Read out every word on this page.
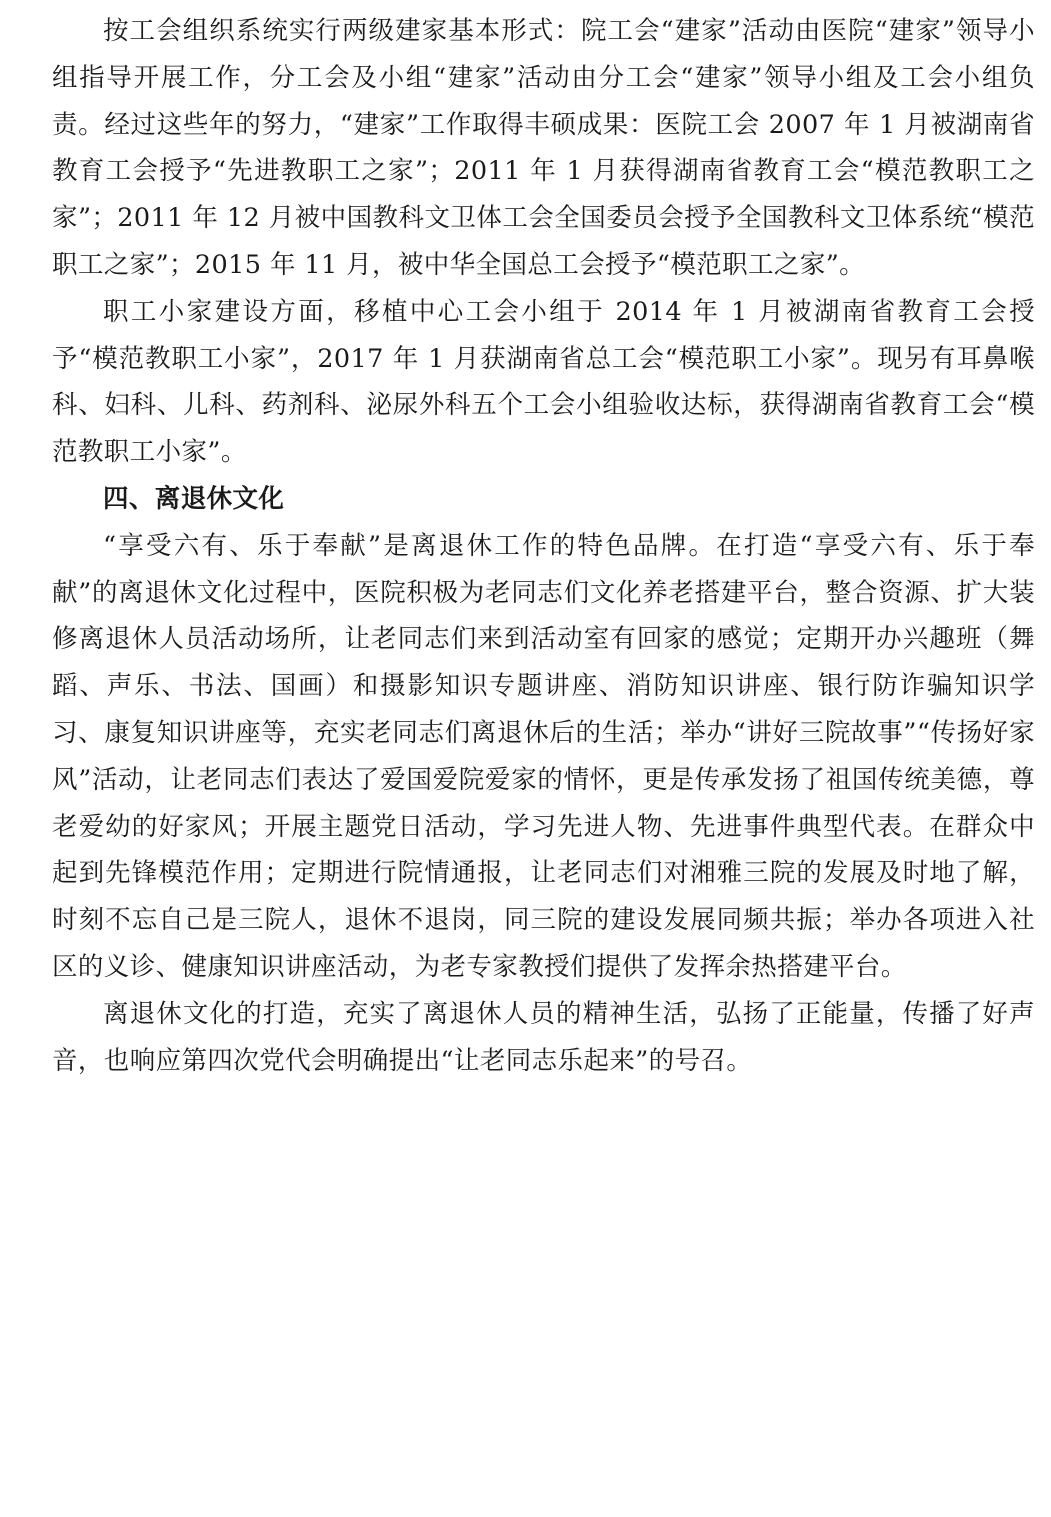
按工会组织系统实行两级建家基本形式：院工会“建家”活动由医院“建家”领导小组指导开展工作，分工会及小组“建家”活动由分工会“建家”领导小组及工会小组负责。经过这些年的努力，“建家”工作取得丰硕成果：医院工会 2007 年 1 月被湖南省教育工会授予“先进教职工之家”；2011 年 1 月获得湖南省教育工会“模范教职工之家”；2011 年 12 月被中国教科文卫体工会全国委员会授予全国教科文卫体系统“模范职工之家”；2015 年 11 月，被中华全国总工会授予“模范职工之家”。

职工小家建设方面，移植中心工会小组于 2014 年 1 月被湖南省教育工会授予“模范教职工小家”，2017 年 1 月获湖南省总工会“模范职工小家”。现另有耳鼻喉科、妇科、儿科、药剂科、泌尿外科五个工会小组验收达标，获得湖南省教育工会“模范教职工小家”。

四、离退休文化

“享受六有、乐于奉献”是离退休工作的特色品牌。在打造“享受六有、乐于奉献”的离退休文化过程中，医院积极为老同志们文化养老搭建平台，整合资源、扩大装修离退休人员活动场所，让老同志们来到活动室有回家的感觉；定期开办兴趣班（舞蹈、声乐、书法、国画）和摄影知识专题讲座、消防知识讲座、银行防诈骗知识学习、康复知识讲座等，充实老同志们离退休后的生活；举办“讲好三院故事”“传扬好家风”活动，让老同志们表达了爱国爱院爱家的情怀，更是传承发扬了祖国传统美德，尊老爱幼的好家风；开展主题党日活动，学习先进人物、先进事件典型代表。在群众中起到先锋模范作用；定期进行院情通报，让老同志们对湘雅三院的发展及时地了解，时刻不忘自己是三院人，退休不退岗，同三院的建设发展同频共振；举办各项进入社区的义诊、健康知识讲座活动，为老专家教授们提供了发挥余热搭建平台。

离退休文化的打造，充实了离退休人员的精神生活，弘扬了正能量，传播了好声音，也响应第四次党代会明确提出“让老同志乐起来”的号召。
